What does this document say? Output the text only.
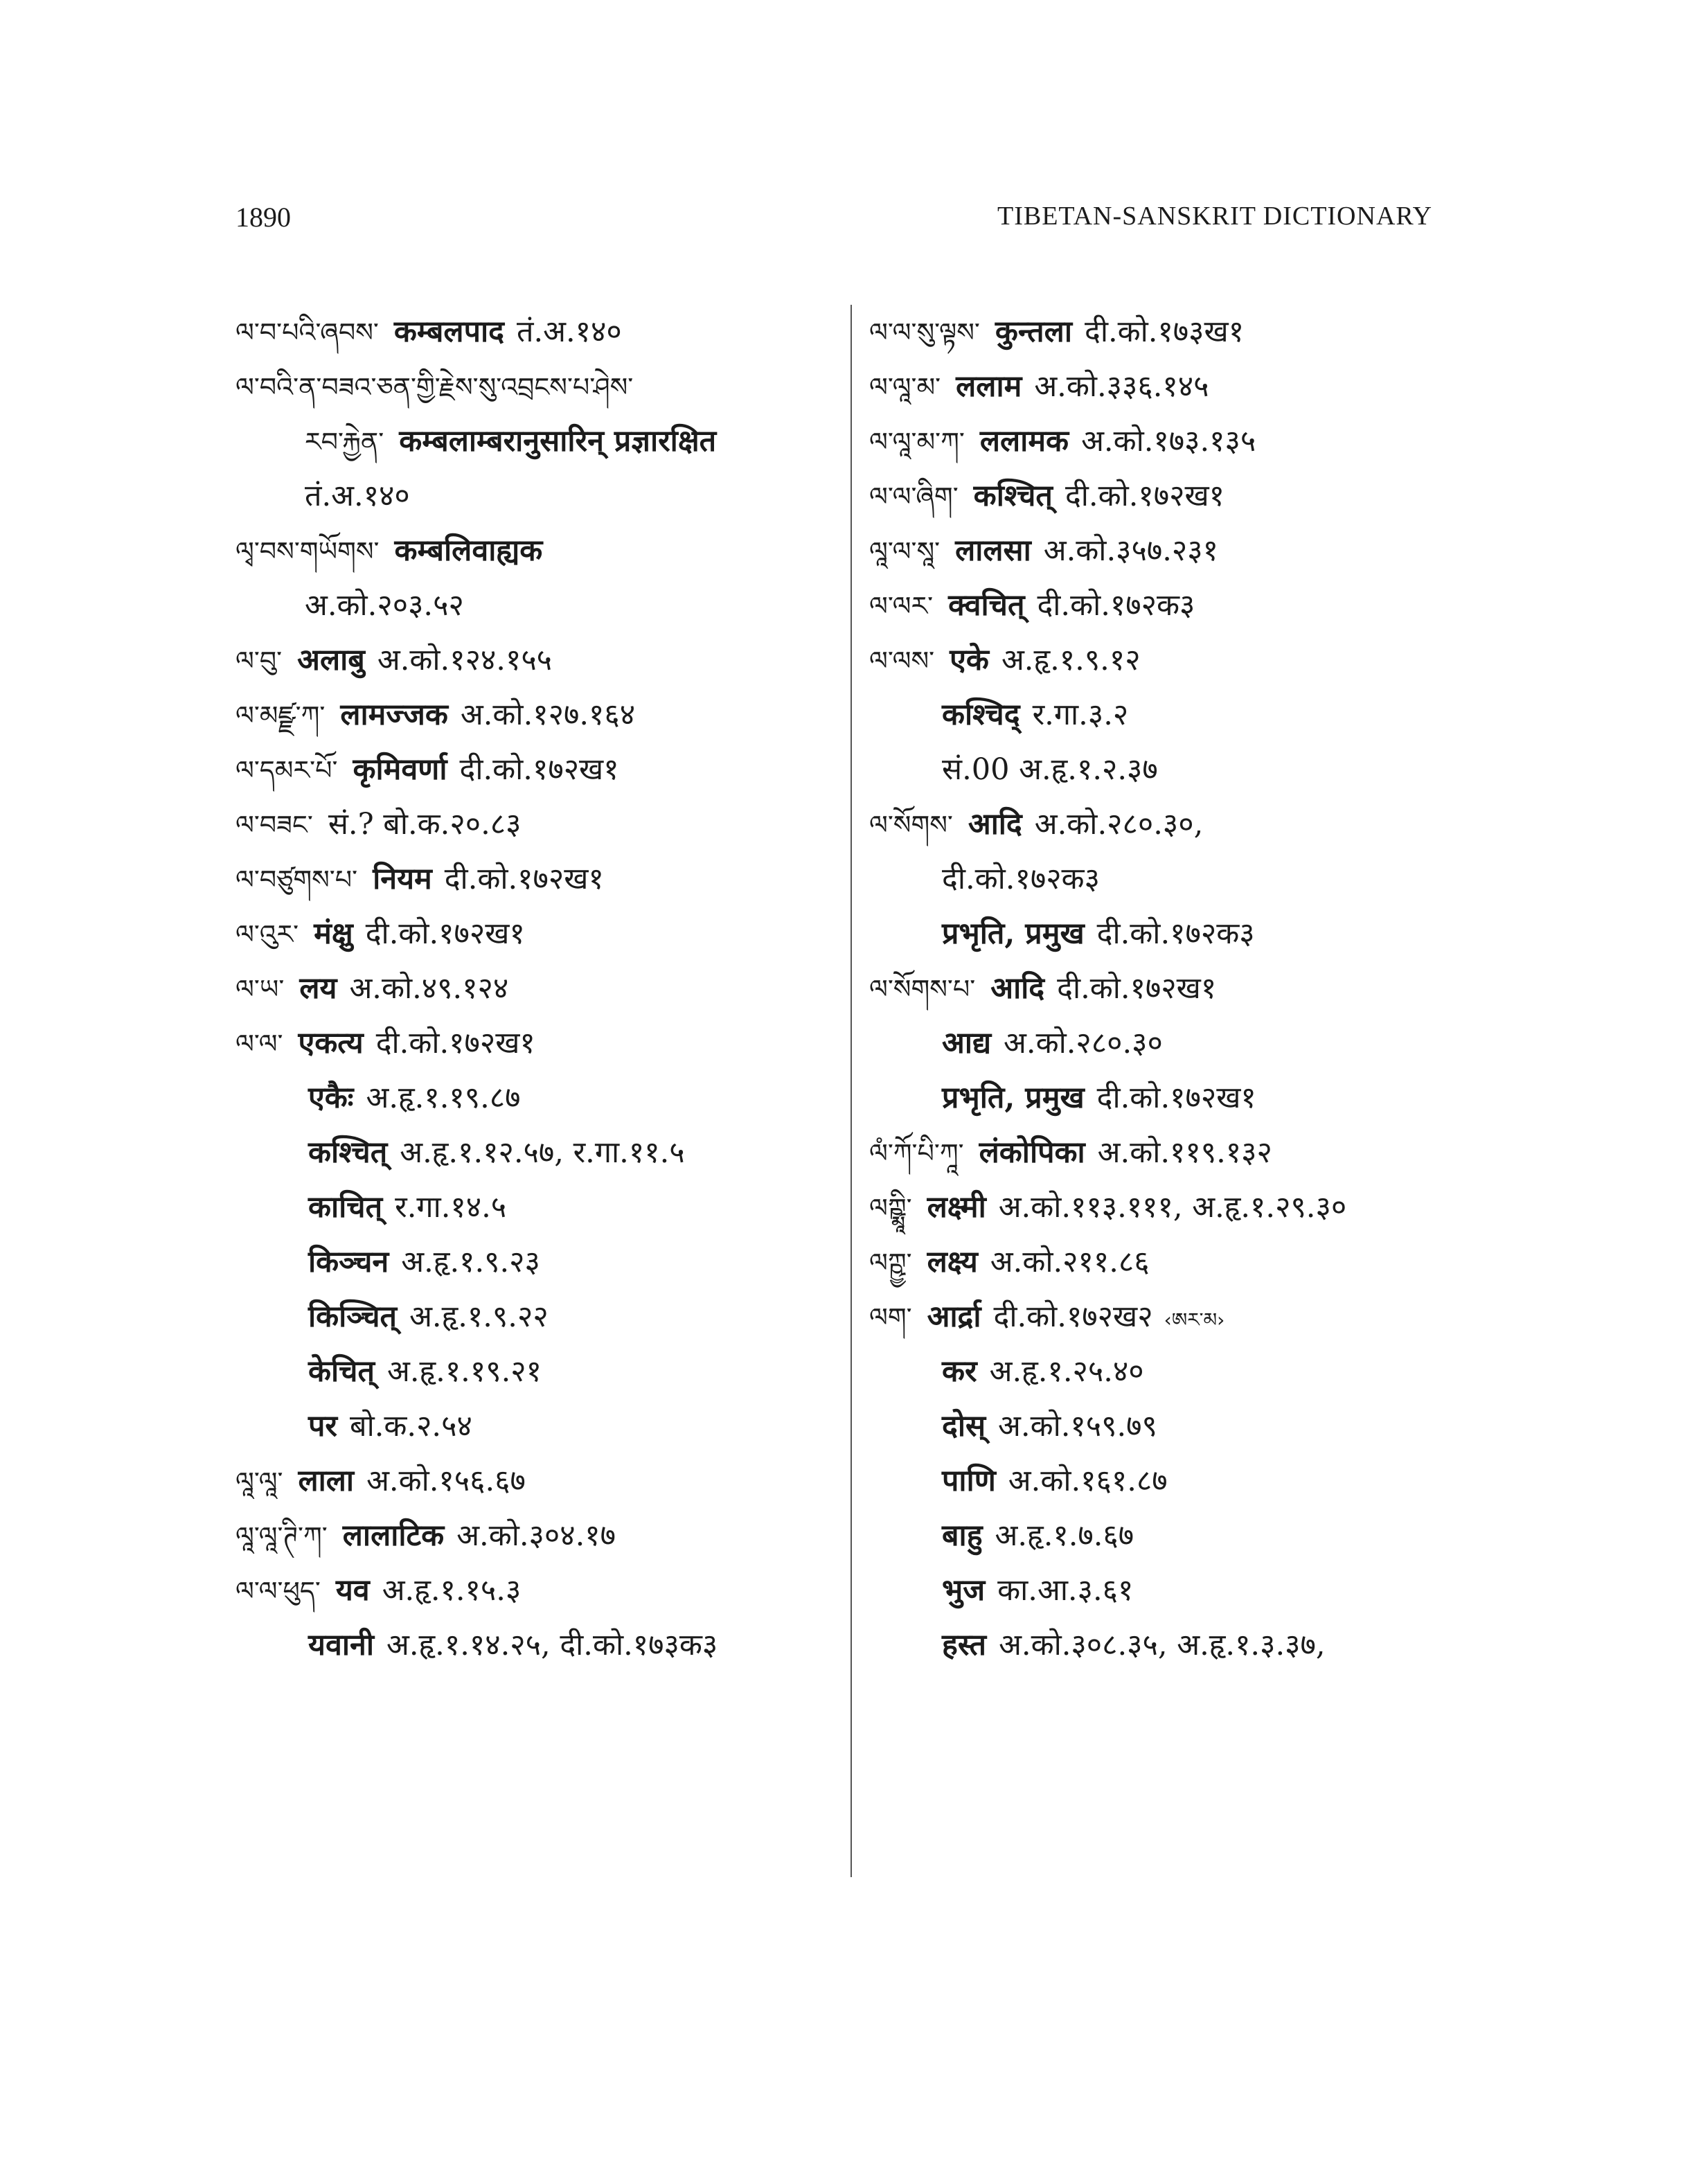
1890	TIBETAN-SANSKRIT DICTIONARY
ལ་བ་པའི་ཞབས་ कम्बलपाद तं.अ.१४०
ལ་བའི་ན་བཟའ་ཅན་གྱི་རྗེས་སུ་འབྲངས་པ་ཤེས་
རབ་རྐྱེན་ कम्बलाम्बरानुसारिन् प्रज्ञारक्षित
तं.अ.१४०
ལྭ་བས་གཡོགས་ कम्बलिवाह्यक
अ.को.२०३.५२
ལ་བུ་ अलाबु अ.को.१२४.१५५
ལ་མཛྫ་ཀ་ लामज्जक अ.को.१२७.१६४
ལ་དམར་པོ་ कृमिवर्णा दी.को.१७२ख१
ལ་བཟང་ सं.? बो.क.२०.८३
ལ་བཙུགས་པ་ नियम दी.को.१७२ख१
ལ་འུར་ मंक्षु दी.को.१७२ख१
ལ་ཡ་ लय अ.को.४९.१२४
ལ་ལ་ एकत्य दी.को.१७२ख१
एकैः अ.हृ.१.१९.८७
कश्चित् अ.हृ.१.१२.५७, र.गा.११.५
काचित् र.गा.१४.५
किञ्चन अ.हृ.१.९.२३
किञ्चित् अ.हृ.१.९.२२
केचित् अ.हृ.१.१९.२१
पर बो.क.२.५४
ལཱ་ལཱ་ लाला अ.को.१५६.६७
ལཱ་ལཱ་ཊི་ཀ་ लालाटिक अ.को.३०४.१७
ལ་ལ་ཕུད་ यव अ.हृ.१.१५.३
यवानी अ.हृ.१.१४.२५, दी.को.१७३क३
ལ་ལ་སུ་ལྟས་ कुन्तला दी.को.१७३ख१
ལ་ལཱ་མ་ ललाम अ.को.३३६.१४५
ལ་ལཱ་མ་ཀ་ ललामक अ.को.१७३.१३५
ལ་ལ་ཞིག་ कश्चित् दी.को.१७२ख१
ལཱ་ལ་སཱ་ लालसा अ.को.३५७.२३१
ལ་ལར་ क्वचित् दी.को.१७२क३
ལ་ལས་ एके अ.हृ.१.९.१२
कश्चिद् र.गा.३.२
सं.00 अ.हृ.१.२.३७
ལ་སོགས་ आदि अ.को.२८०.३०,
दी.को.१७२क३
प्रभृति, प्रमुख दी.को.१७२क३
ལ་སོགས་པ་ आदि दी.को.१७२ख१
आद्य अ.को.२८०.३०
प्रभृति, प्रमुख दी.को.१७२ख१
ལཾ་ཀོ་པི་ཀཱ་ लंकोपिका अ.को.११९.१३२
ལཀྵྨཱི་ लक्ष्मी अ.को.११३.१११, अ.हृ.१.२९.३०
ལཀྵྱ་ लक्ष्य अ.को.२११.८६
ལག་ आर्द्रा दी.को.१७२ख२ ‹ཨར་མ›
कर अ.हृ.१.२५.४०
दोस् अ.को.१५९.७९
पाणि अ.को.१६१.८७
बाहु अ.हृ.१.७.६७
भुज का.आ.३.६१
हस्त अ.को.३०८.३५, अ.हृ.१.३.३७,
